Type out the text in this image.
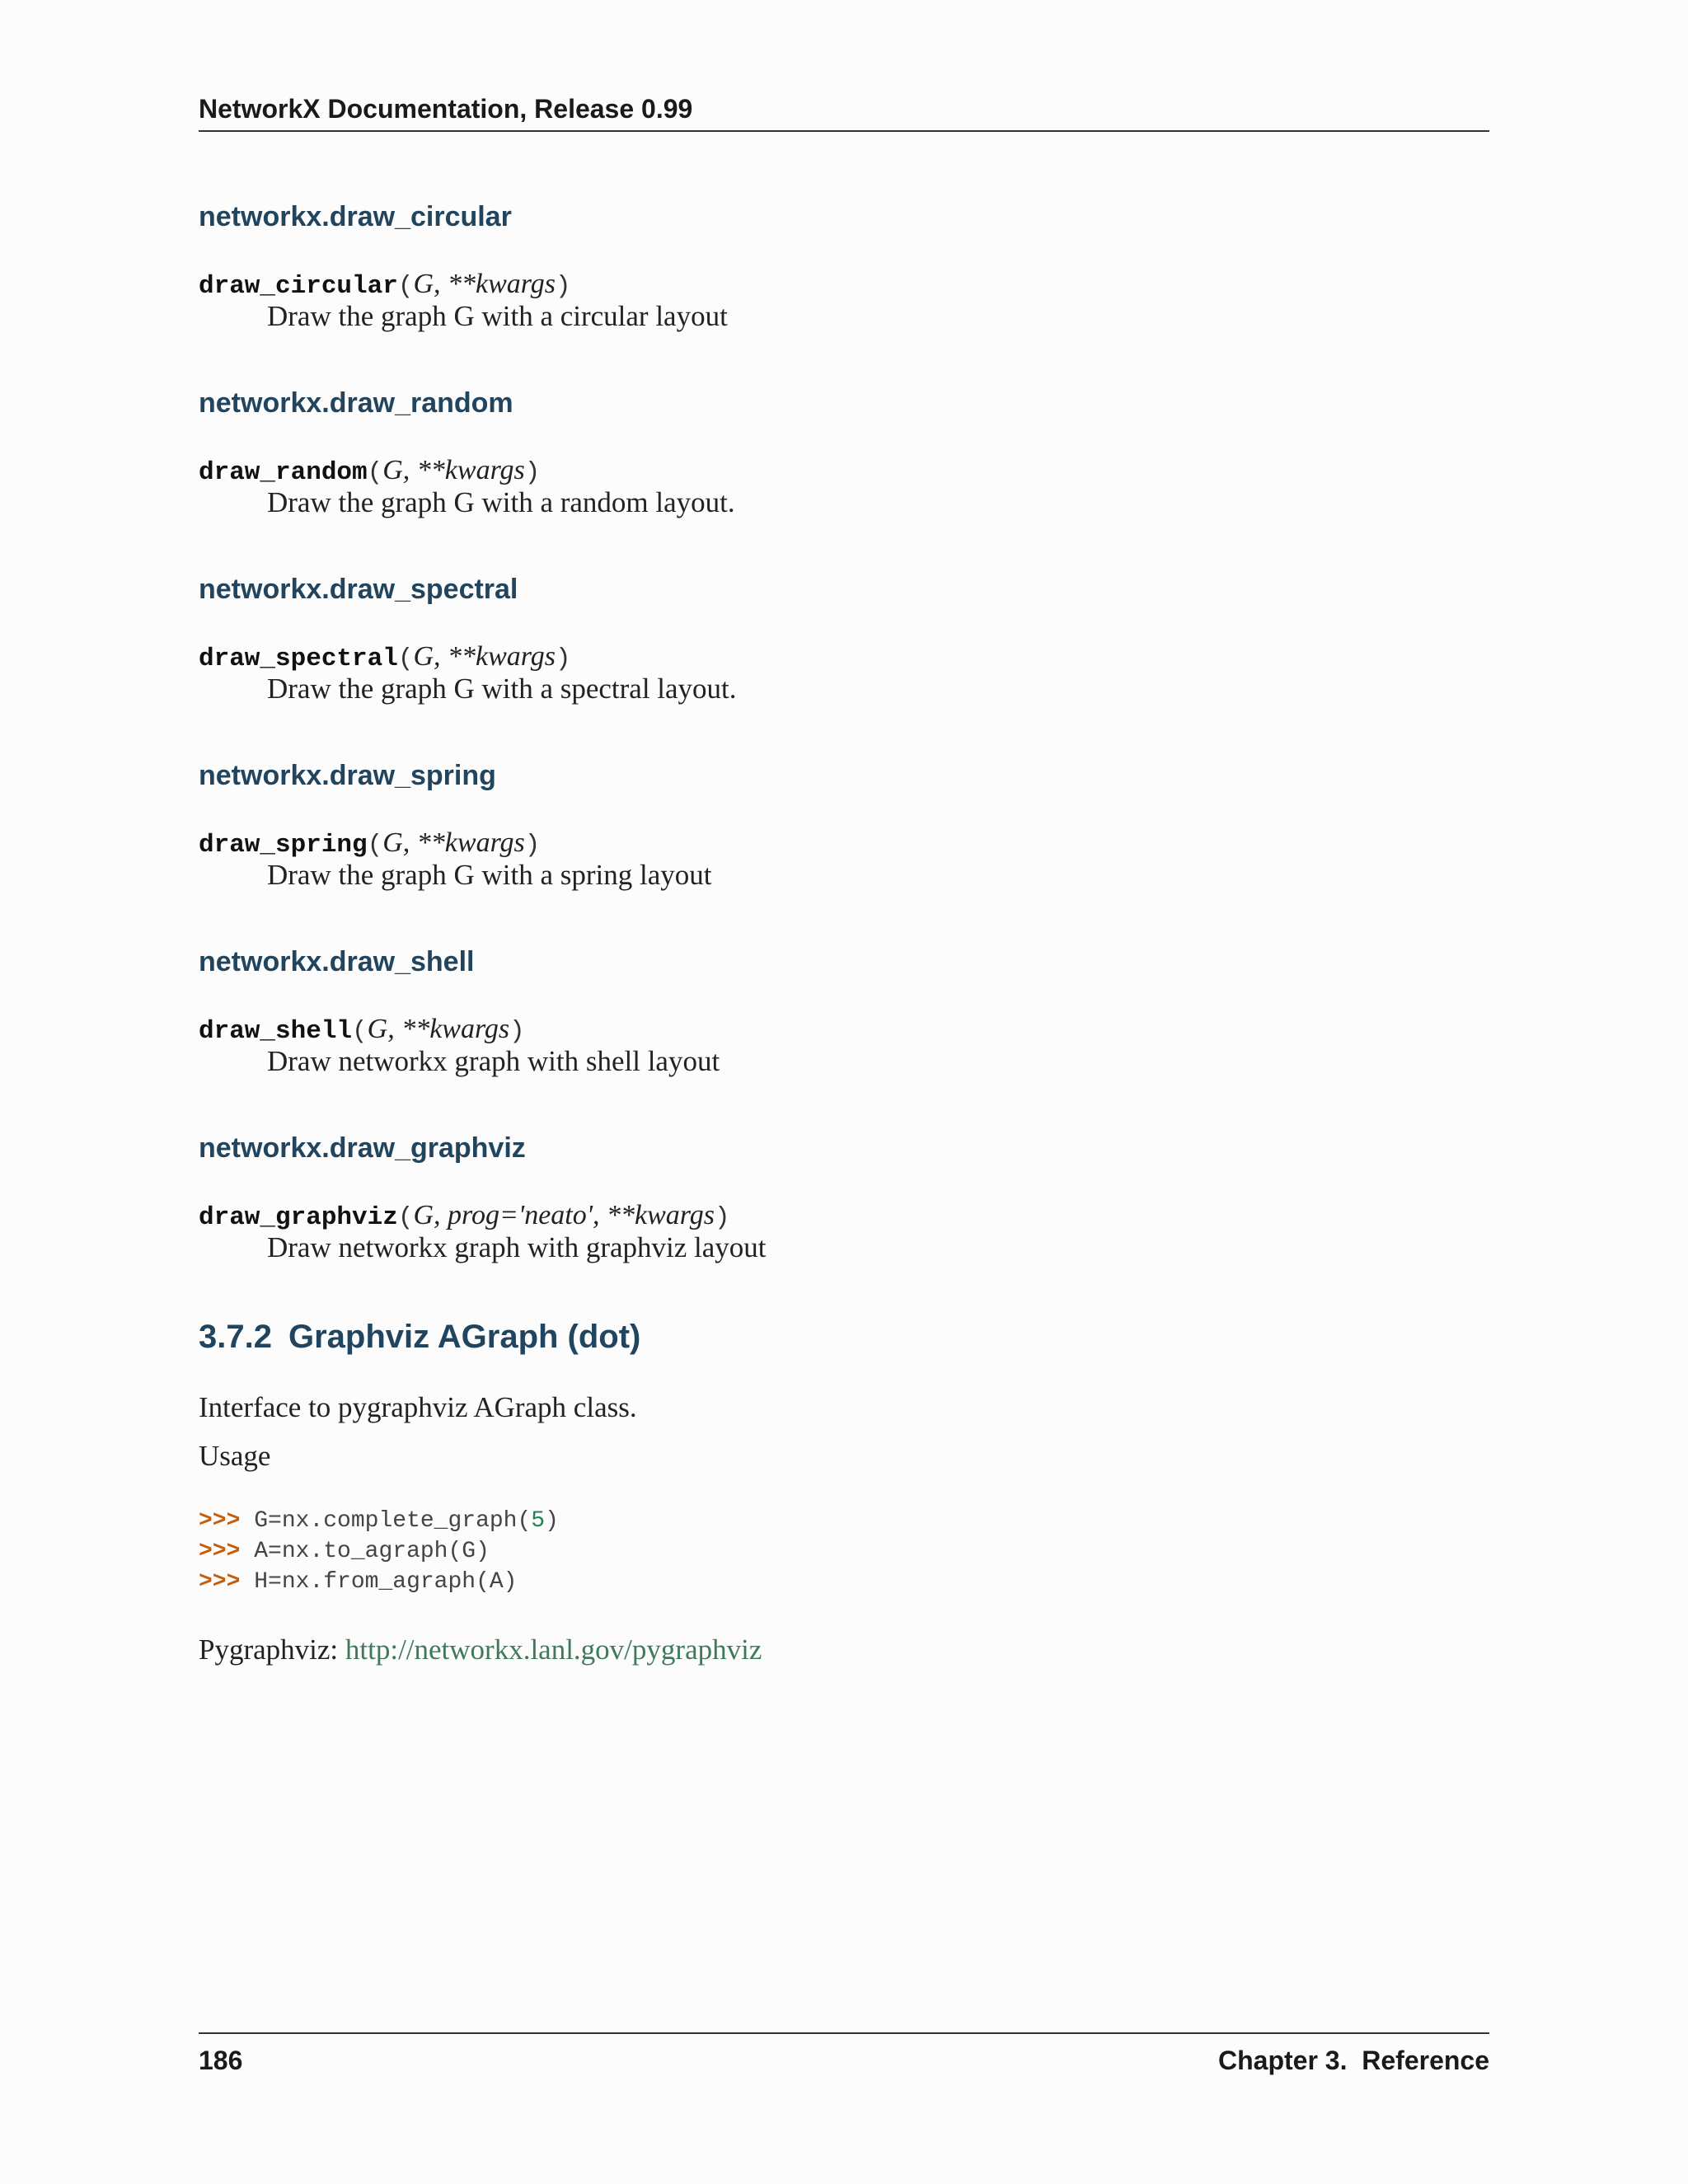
NetworkX Documentation, Release 0.99
networkx.draw_circular
draw_circular(G, **kwargs)
Draw the graph G with a circular layout
networkx.draw_random
draw_random(G, **kwargs)
Draw the graph G with a random layout.
networkx.draw_spectral
draw_spectral(G, **kwargs)
Draw the graph G with a spectral layout.
networkx.draw_spring
draw_spring(G, **kwargs)
Draw the graph G with a spring layout
networkx.draw_shell
draw_shell(G, **kwargs)
Draw networkx graph with shell layout
networkx.draw_graphviz
draw_graphviz(G, prog='neato', **kwargs)
Draw networkx graph with graphviz layout
3.7.2 Graphviz AGraph (dot)
Interface to pygraphviz AGraph class.
Usage
>>> G=nx.complete_graph(5)
>>> A=nx.to_agraph(G)
>>> H=nx.from_agraph(A)
Pygraphviz: http://networkx.lanl.gov/pygraphviz
186	Chapter 3.  Reference
